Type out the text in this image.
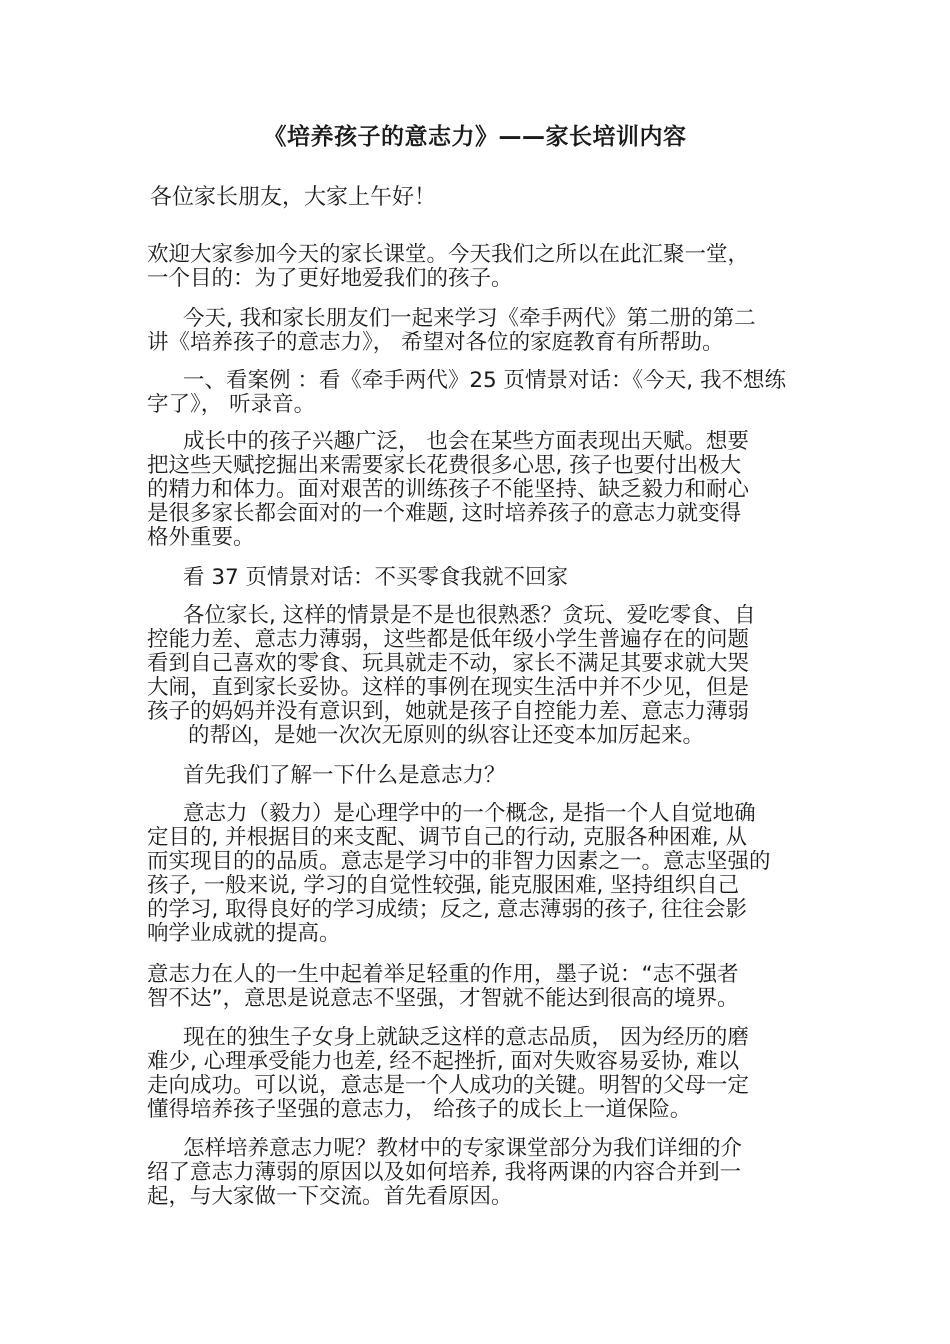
《培养孩子的意志力》——家长培训内容
各位家长朋友，大家上午好！
欢迎大家参加今天的家长课堂。今天我们之所以在此汇聚一堂，
一个目的：为了更好地爱我们的孩子。
今天, 我和家长朋友们一起来学习《牵手两代》第二册的第二
讲《培养孩子的意志力》， 希望对各位的家庭教育有所帮助。
一、看案例 ：看《牵手两代》25 页情景对话：《今天, 我不想练
字了》， 听录音。
成长中的孩子兴趣广泛， 也会在某些方面表现出天赋。想要
把这些天赋挖掘出来需要家长花费很多心思, 孩子也要付出极大
的精力和体力。面对艰苦的训练孩子不能坚持、缺乏毅力和耐心
是很多家长都会面对的一个难题, 这时培养孩子的意志力就变得
格外重要。
看 37 页情景对话：不买零食我就不回家
各位家长, 这样的情景是不是也很熟悉？贪玩、爱吃零食、自
控能力差、意志力薄弱，这些都是低年级小学生普遍存在的问题
看到自己喜欢的零食、玩具就走不动，家长不满足其要求就大哭
大闹，直到家长妥协。这样的事例在现实生活中并不少见，但是
孩子的妈妈并没有意识到，她就是孩子自控能力差、意志力薄弱
的帮凶，是她一次次无原则的纵容让还变本加厉起来。
首先我们了解一下什么是意志力？
意志力（毅力）是心理学中的一个概念, 是指一个人自觉地确
定目的, 并根据目的来支配、调节自己的行动, 克服各种困难, 从
而实现目的的品质。意志是学习中的非智力因素之一。意志坚强的
孩子, 一般来说, 学习的自觉性较强, 能克服困难, 坚持组织自己
的学习, 取得良好的学习成绩；反之, 意志薄弱的孩子, 往往会影
响学业成就的提高。
意志力在人的一生中起着举足轻重的作用，墨子说：“志不强者
智不达”，意思是说意志不坚强，才智就不能达到很高的境界。
现在的独生子女身上就缺乏这样的意志品质， 因为经历的磨
难少, 心理承受能力也差, 经不起挫折, 面对失败容易妥协, 难以
走向成功。可以说，意志是一个人成功的关键。明智的父母一定
懂得培养孩子坚强的意志力， 给孩子的成长上一道保险。
怎样培养意志力呢？教材中的专家课堂部分为我们详细的介
绍了意志力薄弱的原因以及如何培养, 我将两课的内容合并到一
起，与大家做一下交流。首先看原因。
